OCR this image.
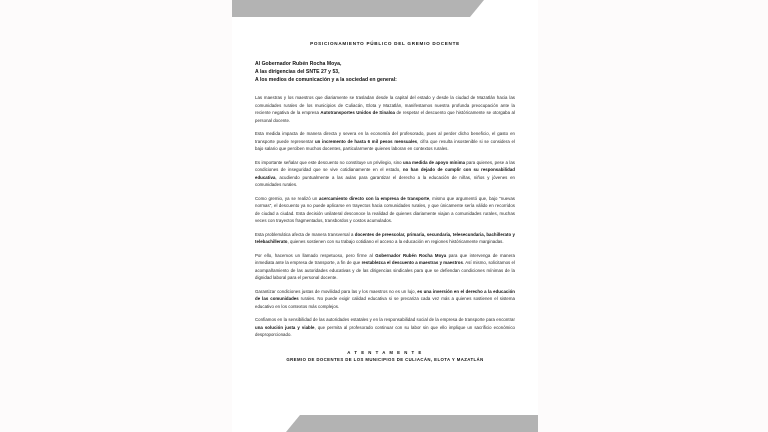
POSICIONAMIENTO PÚBLICO DEL GREMIO DOCENTE
Al Gobernador Rubén Rocha Moya,
A las dirigencias del SNTE 27 y 53,
A los medios de comunicación y a la sociedad en general:

Las maestras y los maestros que diariamente se trasladan desde la capital del estado y desde la ciudad de Mazatlán hacia las comunidades rurales de los municipios de Culiacán, Elota y Mazatlán, manifestamos nuestra profunda preocupación ante la reciente negativa de la empresa Autotransportes Unidos de Sinaloa de respetar el descuento que históricamente se otorgaba al personal docente.

Esta medida impacta de manera directa y severa en la economía del profesorado, pues al perder dicho beneficio, el gasto en transporte puede representar un incremento de hasta 6 mil pesos mensuales, cifra que resulta insostenible si se considera el bajo salario que perciben muchos docentes, particularmente quienes laboran en contextos rurales.

Es importante señalar que este descuento no constituye un privilegio, sino una medida de apoyo mínima para quienes, pese a las condiciones de inseguridad que se vive cotidianamente en el estado, no han dejado de cumplir con su responsabilidad educativa, acudiendo puntualmente a las aulas para garantizar el derecho a la educación de niñas, niños y jóvenes en comunidades rurales.

Como gremio, ya se realizó un acercamiento directo con la empresa de transporte, mismo que argumentó que, bajo "nuevas normas", el descuento ya no puede aplicarse en trayectos hacia comunidades rurales, y que únicamente sería válido en recorridos de ciudad a ciudad. Esta decisión unilateral desconoce la realidad de quienes diariamente viajan a comunidades rurales, muchas veces con trayectos fragmentados, transbordos y costos acumulados.

Esta problemática afecta de manera transversal a docentes de preescolar, primaria, secundaria, telesecundaria, bachillerato y telebachillerato, quienes sostienen con su trabajo cotidiano el acceso a la educación en regiones históricamente marginadas.

Por ello, hacemos un llamado respetuoso, pero firme al Gobernador Rubén Rocha Moya para que intervenga de manera inmediata ante la empresa de transporte, a fin de que restablezca el descuento a maestras y maestros. Así mismo, solicitamos el acompañamiento de las autoridades educativas y de las dirigencias sindicales para que se defiendan condiciones mínimas de la dignidad laboral para el personal docente.

Garantizar condiciones justas de movilidad para las y los maestros no es un lujo, es una inversión en el derecho a la educación de las comunidades rurales. No puede exigir calidad educativa si se precariza cada vez más a quienes sostienen el sistema educativo en los contextos más complejos.

Confiamos en la sensibilidad de las autoridades estatales y en la responsabilidad social de la empresa de transporte para encontrar una solución justa y viable, que permita al profesorado continuar con su labor sin que ello implique un sacrificio económico desproporcionado.

A T E N T A M E N T E
GREMIO DE DOCENTES DE LOS MUNICIPIOS DE CULIACÁN, ELOTA Y MAZATLÁN
